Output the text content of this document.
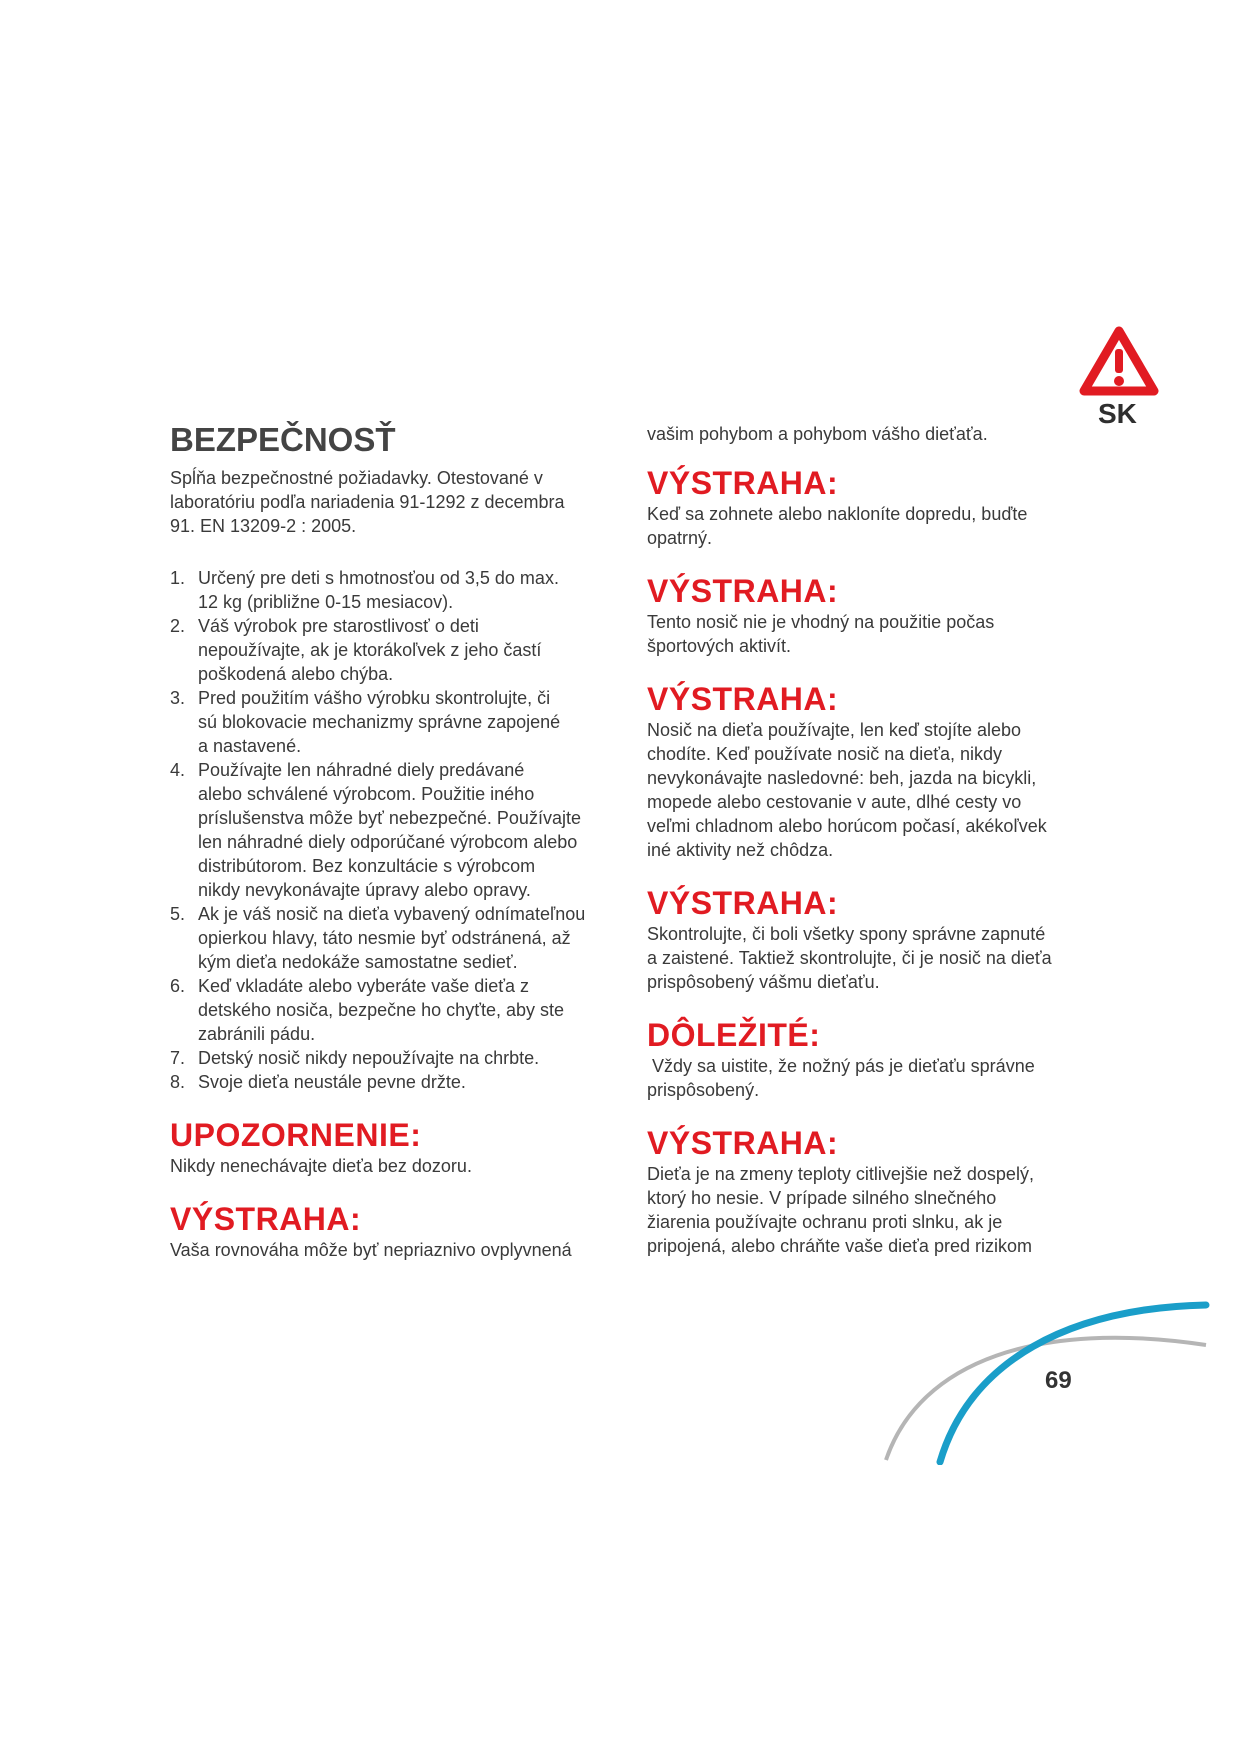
SK
BEZPEČNOSŤ

Spĺňa bezpečnostné požiadavky. Otestované v

laboratóriu podľa nariadenia 91-1292 z decembra

91. EN 13209-2 : 2005.

1. Určený pre deti s hmotnosťou od 3,5 do max.
12 kg (približne 0-15 mesiacov).
2. Váš výrobok pre starostlivosť o deti
nepoužívajte, ak je ktorákoľvek z jeho častí
poškodená alebo chýba.
3. Pred použitím vášho výrobku skontrolujte, či
sú blokovacie mechanizmy správne zapojené
a nastavené.
4. Používajte len náhradné diely predávané
alebo schválené výrobcom. Použitie iného
príslušenstva môže byť nebezpečné. Používajte
len náhradné diely odporúčané výrobcom alebo
distribútorom. Bez konzultácie s výrobcom
nikdy nevykonávajte úpravy alebo opravy.
5. Ak je váš nosič na dieťa vybavený odnímateľnou
opierkou hlavy, táto nesmie byť odstránená, až
kým dieťa nedokáže samostatne sedieť.
6. Keď vkladáte alebo vyberáte vaše dieťa z
detského nosiča, bezpečne ho chyťte, aby ste
zabránili pádu.
7. Detský nosič nikdy nepoužívajte na chrbte.
8. Svoje dieťa neustále pevne držte.
UPOZORNENIE:

Nikdy nenechávajte dieťa bez dozoru.

VÝSTRAHA:

Vaša rovnováha môže byť nepriaznivo ovplyvnená

vašim pohybom a pohybom vášho dieťaťa.

VÝSTRAHA:

Keď sa zohnete alebo nakloníte dopredu, buďte

opatrný.

VÝSTRAHA:

Tento nosič nie je vhodný na použitie počas

športových aktivít.

VÝSTRAHA:

Nosič na dieťa používajte, len keď stojíte alebo

chodíte. Keď používate nosič na dieťa, nikdy

nevykonávajte nasledovné: beh, jazda na bicykli,

mopede alebo cestovanie v aute, dlhé cesty vo

veľmi chladnom alebo horúcom počasí, akékoľvek

iné aktivity než chôdza.

VÝSTRAHA:

Skontrolujte, či boli všetky spony správne zapnuté

a zaistené. Taktiež skontrolujte, či je nosič na dieťa

prispôsobený vášmu dieťaťu.

DÔLEŽITÉ:

Vždy sa uistite, že nožný pás je dieťaťu správne

prispôsobený.

VÝSTRAHA:

Dieťa je na zmeny teploty citlivejšie než dospelý,

ktorý ho nesie. V prípade silného slnečného

žiarenia používajte ochranu proti slnku, ak je

pripojená, alebo chráňte vaše dieťa pred rizikom

69
